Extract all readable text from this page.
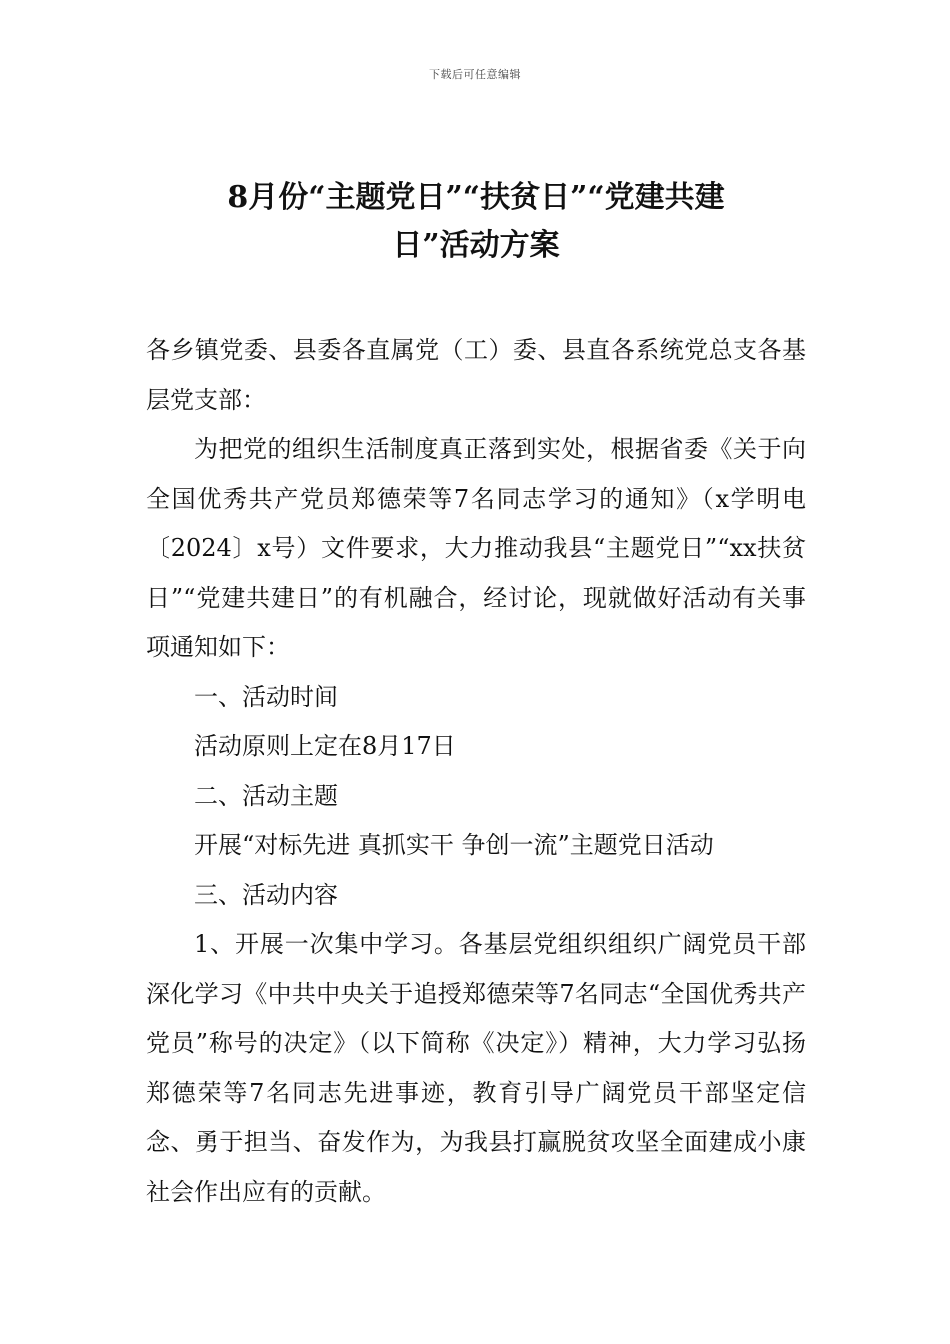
下载后可任意编辑
8月份“主题党日”“扶贫日”“党建共建
日”活动方案

各乡镇党委、县委各直属党（工）委、县直各系统党总支各基层党支部：

为把党的组织生活制度真正落到实处，根据省委《关于向全国优秀共产党员郑德荣等7名同志学习的通知》（x学明电〔2024〕x号）文件要求，大力推动我县“主题党日”“xx扶贫日”“党建共建日”的有机融合，经讨论，现就做好活动有关事项通知如下：

一、活动时间

活动原则上定在8月17日

二、活动主题

开展“对标先进 真抓实干 争创一流”主题党日活动

三、活动内容

1、开展一次集中学习。各基层党组织组织广阔党员干部深化学习《中共中央关于追授郑德荣等7名同志“全国优秀共产党员”称号的决定》（以下简称《决定》）精神，大力学习弘扬郑德荣等7名同志先进事迹，教育引导广阔党员干部坚定信念、勇于担当、奋发作为，为我县打赢脱贫攻坚全面建成小康社会作出应有的贡献。
